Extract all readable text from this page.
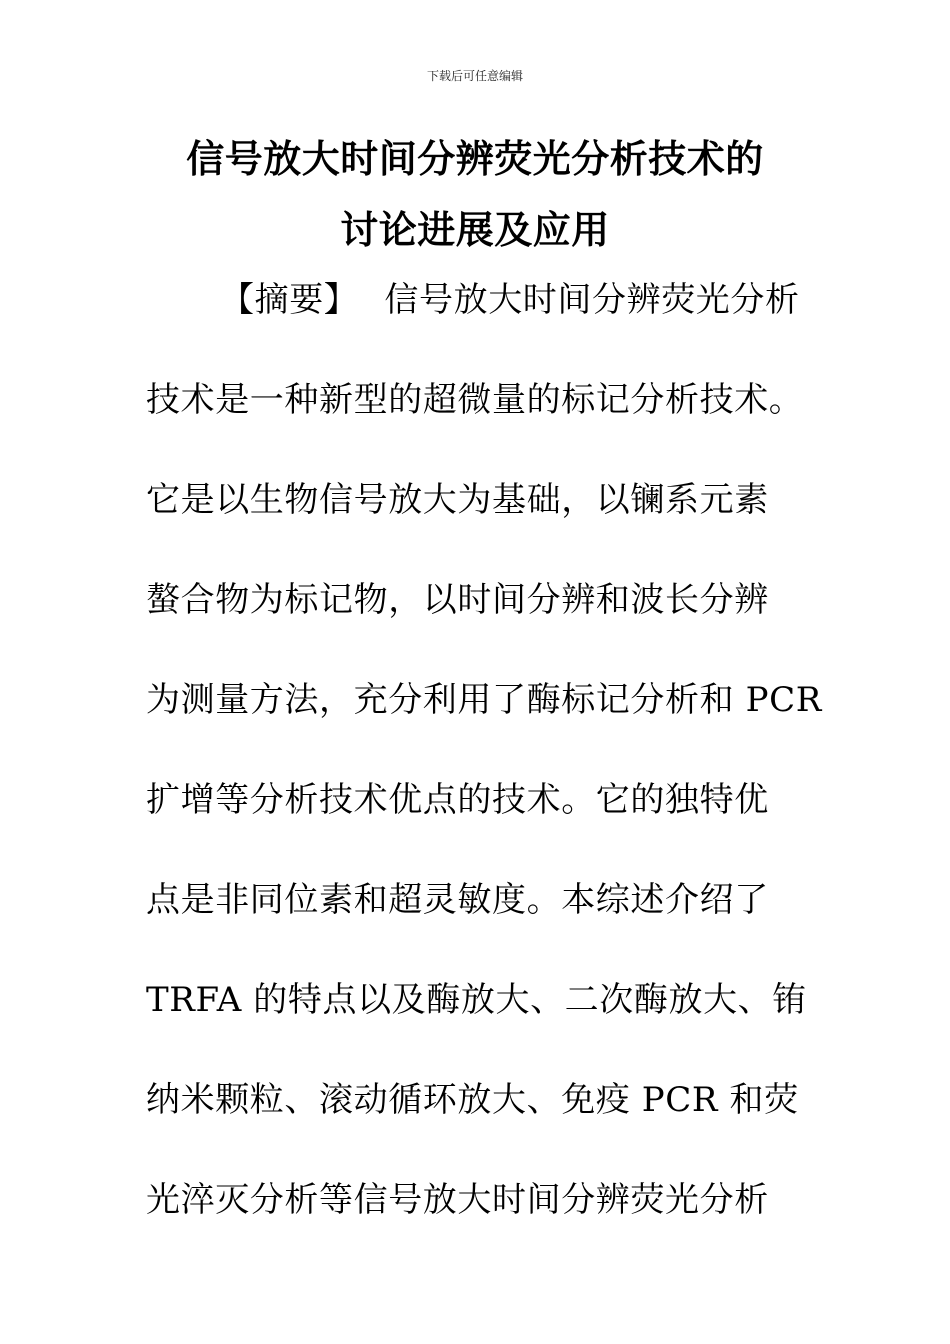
下载后可任意编辑
信号放大时间分辨荧光分析技术的
讨论进展及应用
【摘要】 信号放大时间分辨荧光分析
技术是一种新型的超微量的标记分析技术。
它是以生物信号放大为基础，以镧系元素
螯合物为标记物，以时间分辨和波长分辨
为测量方法，充分利用了酶标记分析和 PCR
扩增等分析技术优点的技术。它的独特优
点是非同位素和超灵敏度。本综述介绍了
TRFA 的特点以及酶放大、二次酶放大、铕
纳米颗粒、滚动循环放大、免疫 PCR 和荧
光淬灭分析等信号放大时间分辨荧光分析
